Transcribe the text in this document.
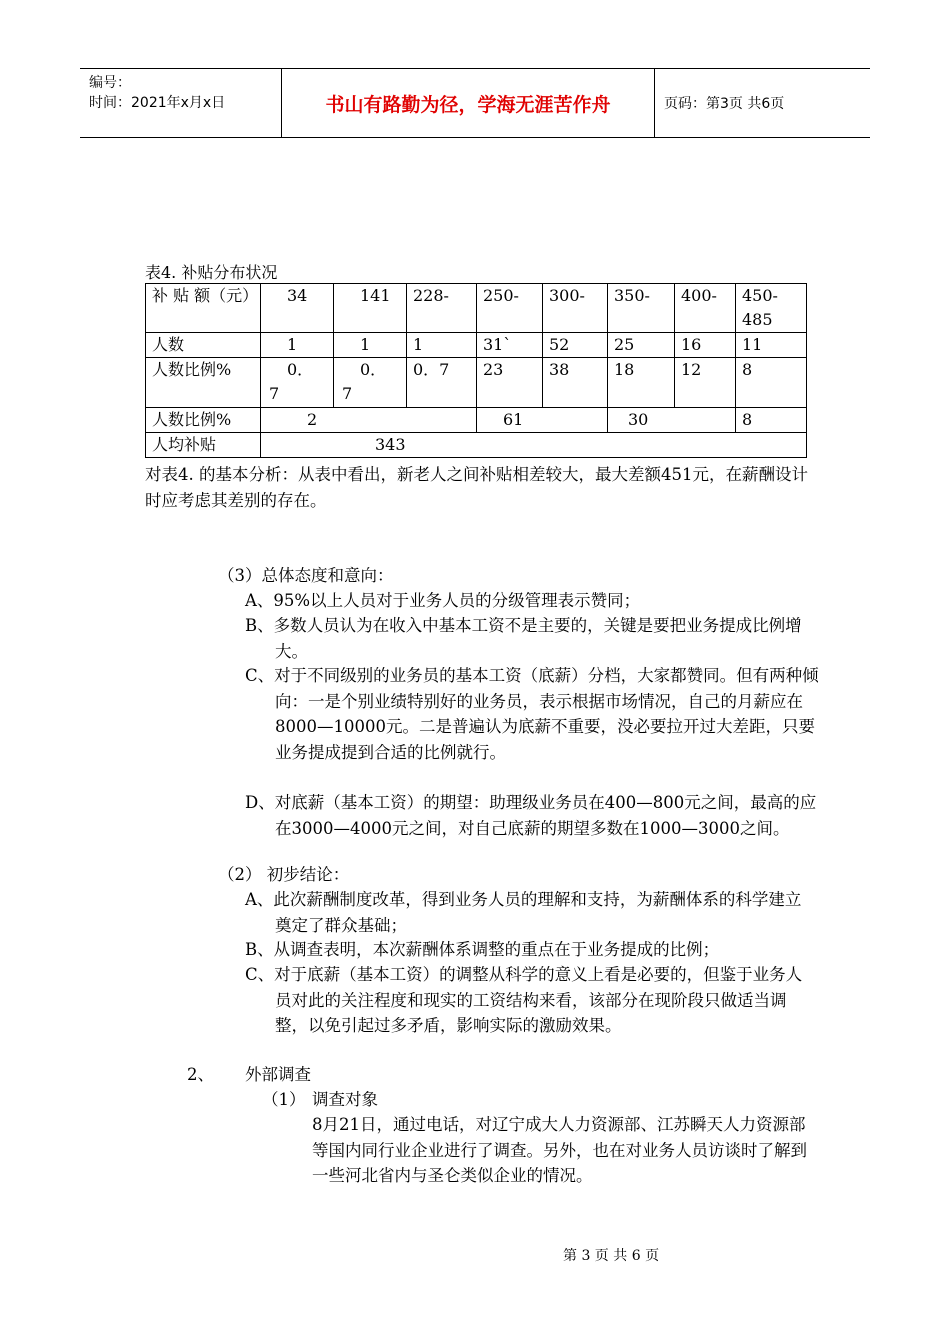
编号：
时间：2021年x月x日	书山有路勤为径，学海无涯苦作舟	页码：第3页 共6页
表4. 补贴分布状况
补 贴 额（元）	34	141	228-	250-	300-	350-	400-	450-485
人数	1	1	1	31`	52	25	16	11
人数比例%	0．7	0．7	0．7	23	38	18	12	8
人数比例%	2			61		30		8
人均补贴	343							
对表4. 的基本分析：从表中看出，新老人之间补贴相差较大，最大差额451元，在薪酬设计时应考虑其差别的存在。
（3）总体态度和意向：
A、95%以上人员对于业务人员的分级管理表示赞同；
B、多数人员认为在收入中基本工资不是主要的，关键是要把业务提成比例增大。
C、对于不同级别的业务员的基本工资（底薪）分档，大家都赞同。但有两种倾向：一是个别业绩特别好的业务员，表示根据市场情况，自己的月薪应在8000—10000元。二是普遍认为底薪不重要，没必要拉开过大差距，只要业务提成提到合适的比例就行。
D、对底薪（基本工资）的期望：助理级业务员在400—800元之间，最高的应在3000—4000元之间，对自己底薪的期望多数在1000—3000之间。
（2） 初步结论：
A、此次薪酬制度改革，得到业务人员的理解和支持，为薪酬体系的科学建立奠定了群众基础；
B、从调查表明，本次薪酬体系调整的重点在于业务提成的比例；
C、对于底薪（基本工资）的调整从科学的意义上看是必要的，但鉴于业务人员对此的关注程度和现实的工资结构来看，该部分在现阶段只做适当调整，以免引起过多矛盾，影响实际的激励效果。
2、 外部调查
（1） 调查对象
8月21日，通过电话，对辽宁成大人力资源部、江苏瞬天人力资源部等国内同行业企业进行了调查。另外，也在对业务人员访谈时了解到一些河北省内与圣仑类似企业的情况。
第 3 页 共 6 页
